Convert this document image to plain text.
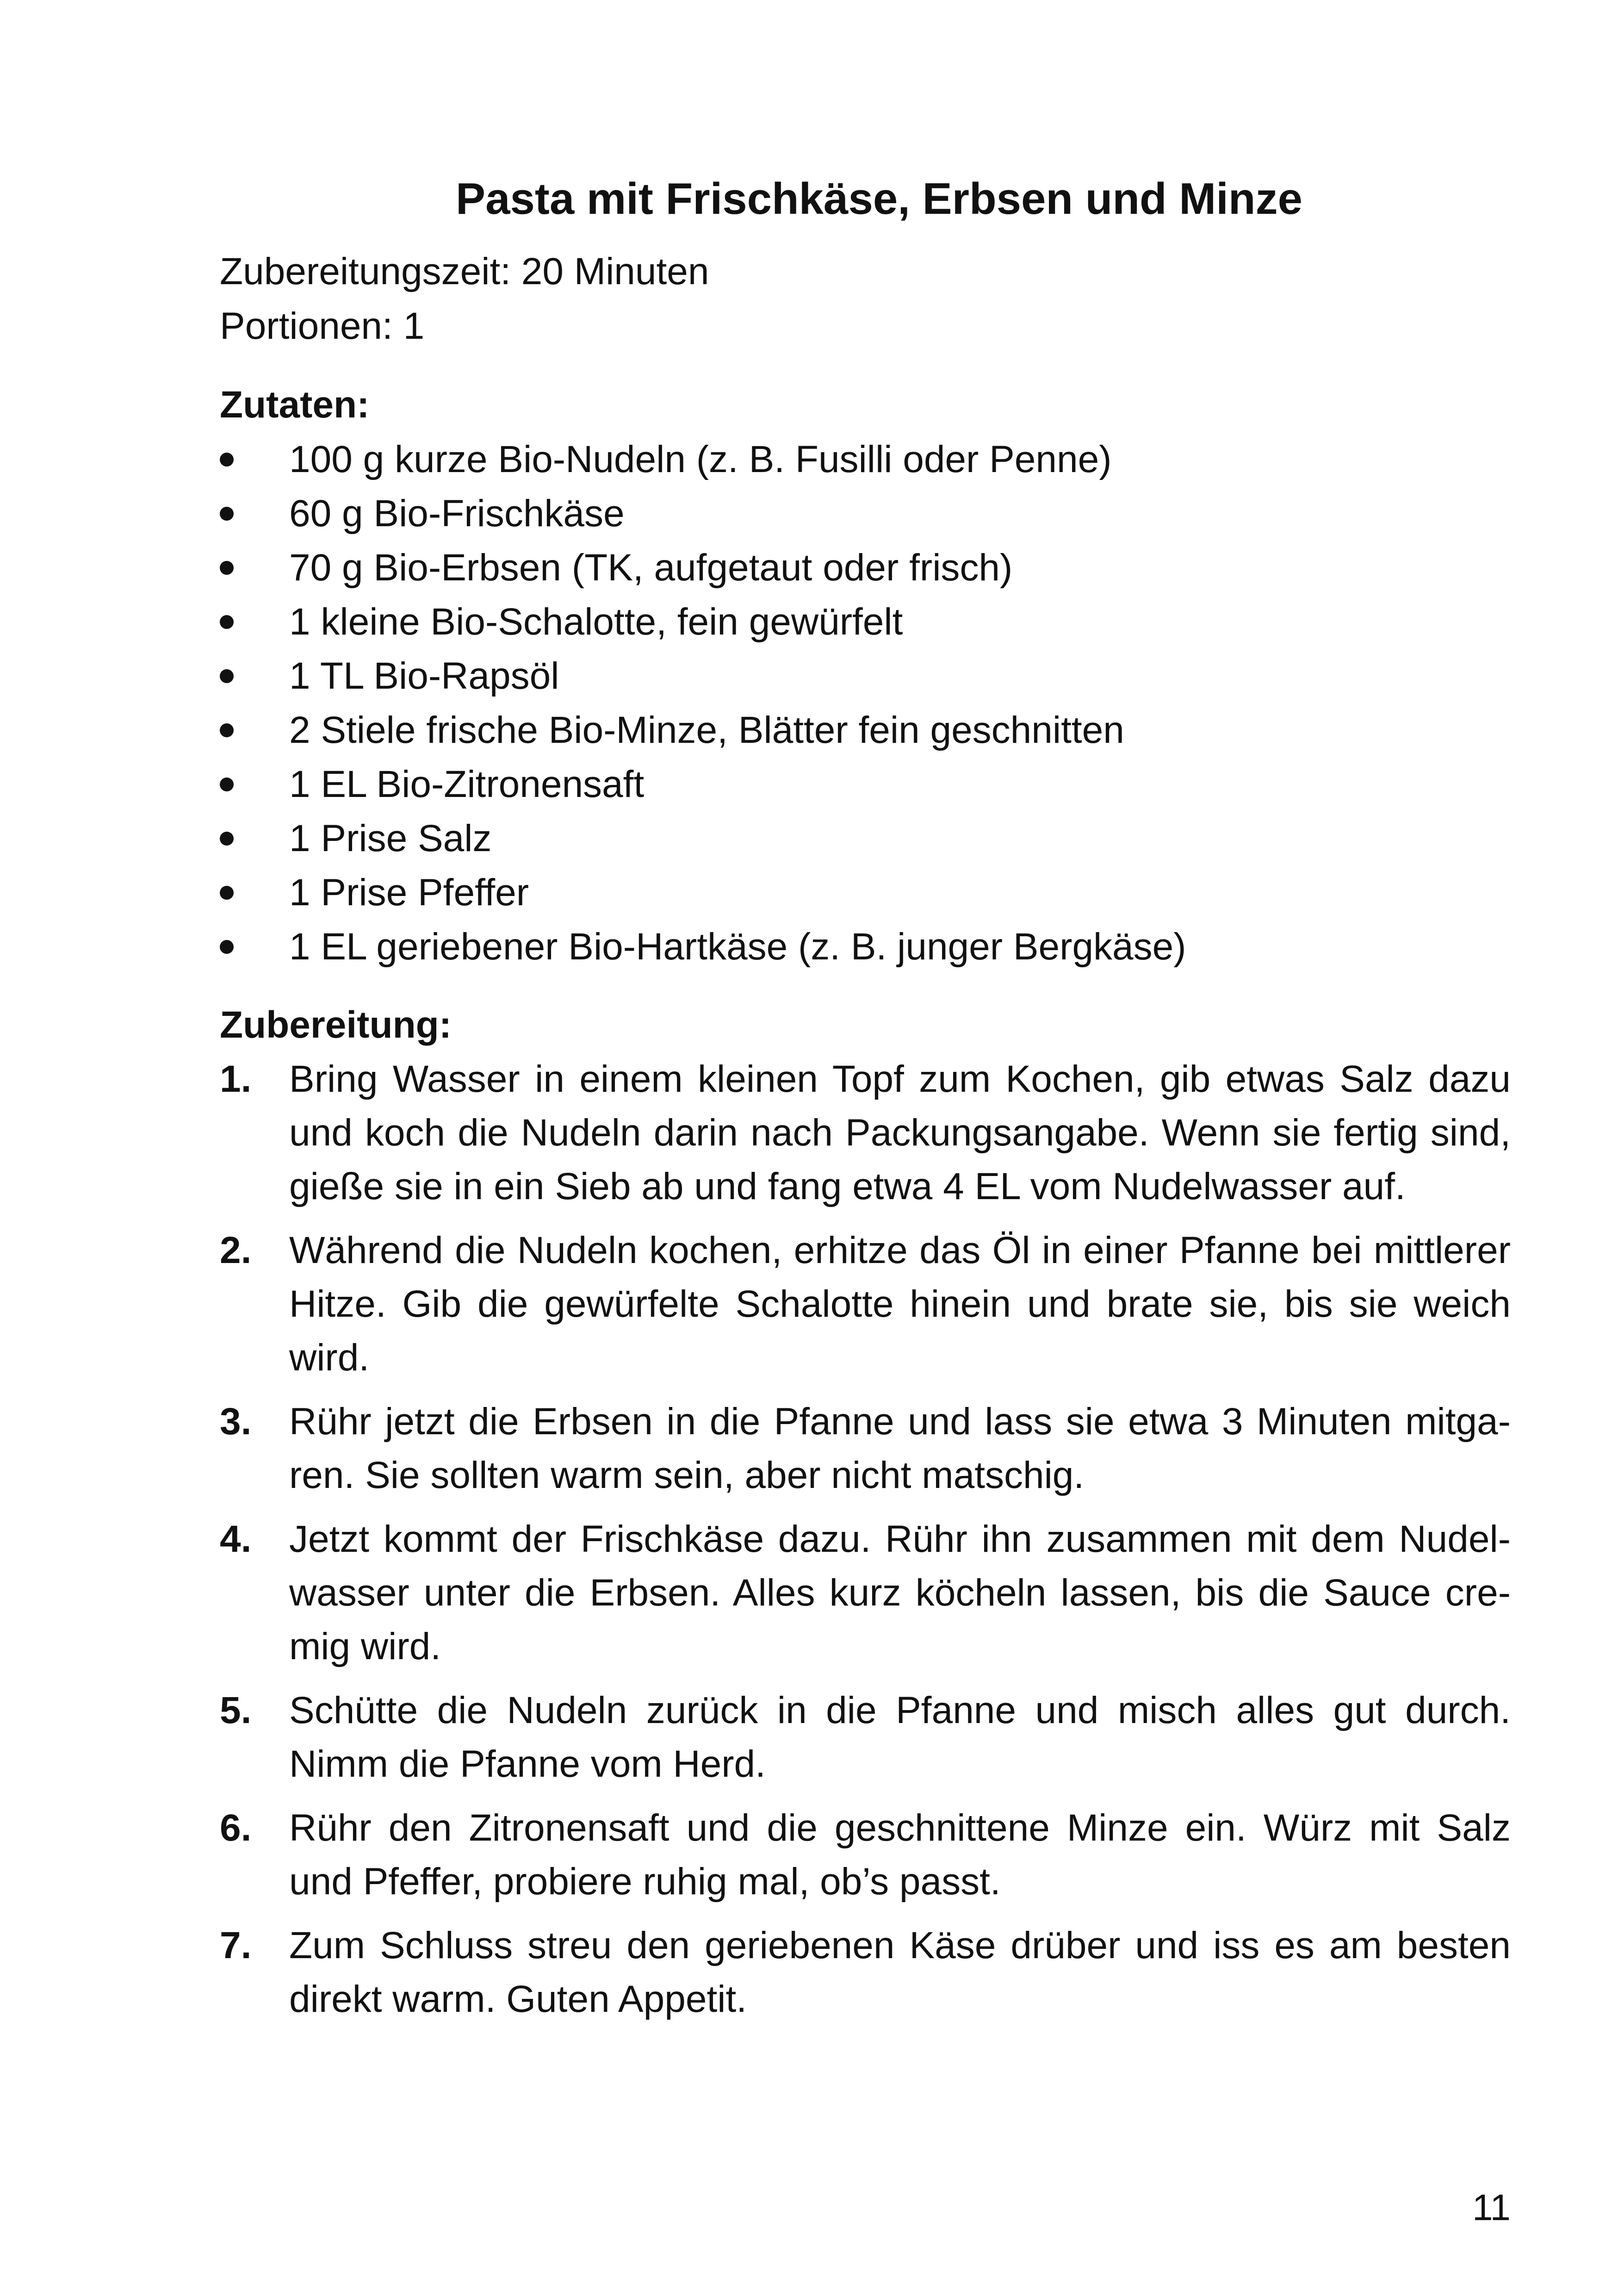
Pasta mit Frischkäse, Erbsen und Minze
Zubereitungszeit: 20 Minuten
Portionen: 1
Zutaten:
100 g kurze Bio-Nudeln (z. B. Fusilli oder Penne)
60 g Bio-Frischkäse
70 g Bio-Erbsen (TK, aufgetaut oder frisch)
1 kleine Bio-Schalotte, fein gewürfelt
1 TL Bio-Rapsöl
2 Stiele frische Bio-Minze, Blätter fein geschnitten
1 EL Bio-Zitronensaft
1 Prise Salz
1 Prise Pfeffer
1 EL geriebener Bio-Hartkäse (z. B. junger Bergkäse)
Zubereitung:
1. Bring Wasser in einem kleinen Topf zum Kochen, gib etwas Salz dazu und koch die Nudeln darin nach Packungsangabe. Wenn sie fertig sind, gieße sie in ein Sieb ab und fang etwa 4 EL vom Nudelwasser auf.
2. Während die Nudeln kochen, erhitze das Öl in einer Pfanne bei mittlerer Hitze. Gib die gewürfelte Schalotte hinein und brate sie, bis sie weich wird.
3. Rühr jetzt die Erbsen in die Pfanne und lass sie etwa 3 Minuten mitgaren. Sie sollten warm sein, aber nicht matschig.
4. Jetzt kommt der Frischkäse dazu. Rühr ihn zusammen mit dem Nudelwasser unter die Erbsen. Alles kurz köcheln lassen, bis die Sauce cremig wird.
5. Schütte die Nudeln zurück in die Pfanne und misch alles gut durch. Nimm die Pfanne vom Herd.
6. Rühr den Zitronensaft und die geschnittene Minze ein. Würz mit Salz und Pfeffer, probiere ruhig mal, ob’s passt.
7. Zum Schluss streu den geriebenen Käse drüber und iss es am besten direkt warm. Guten Appetit.
11
